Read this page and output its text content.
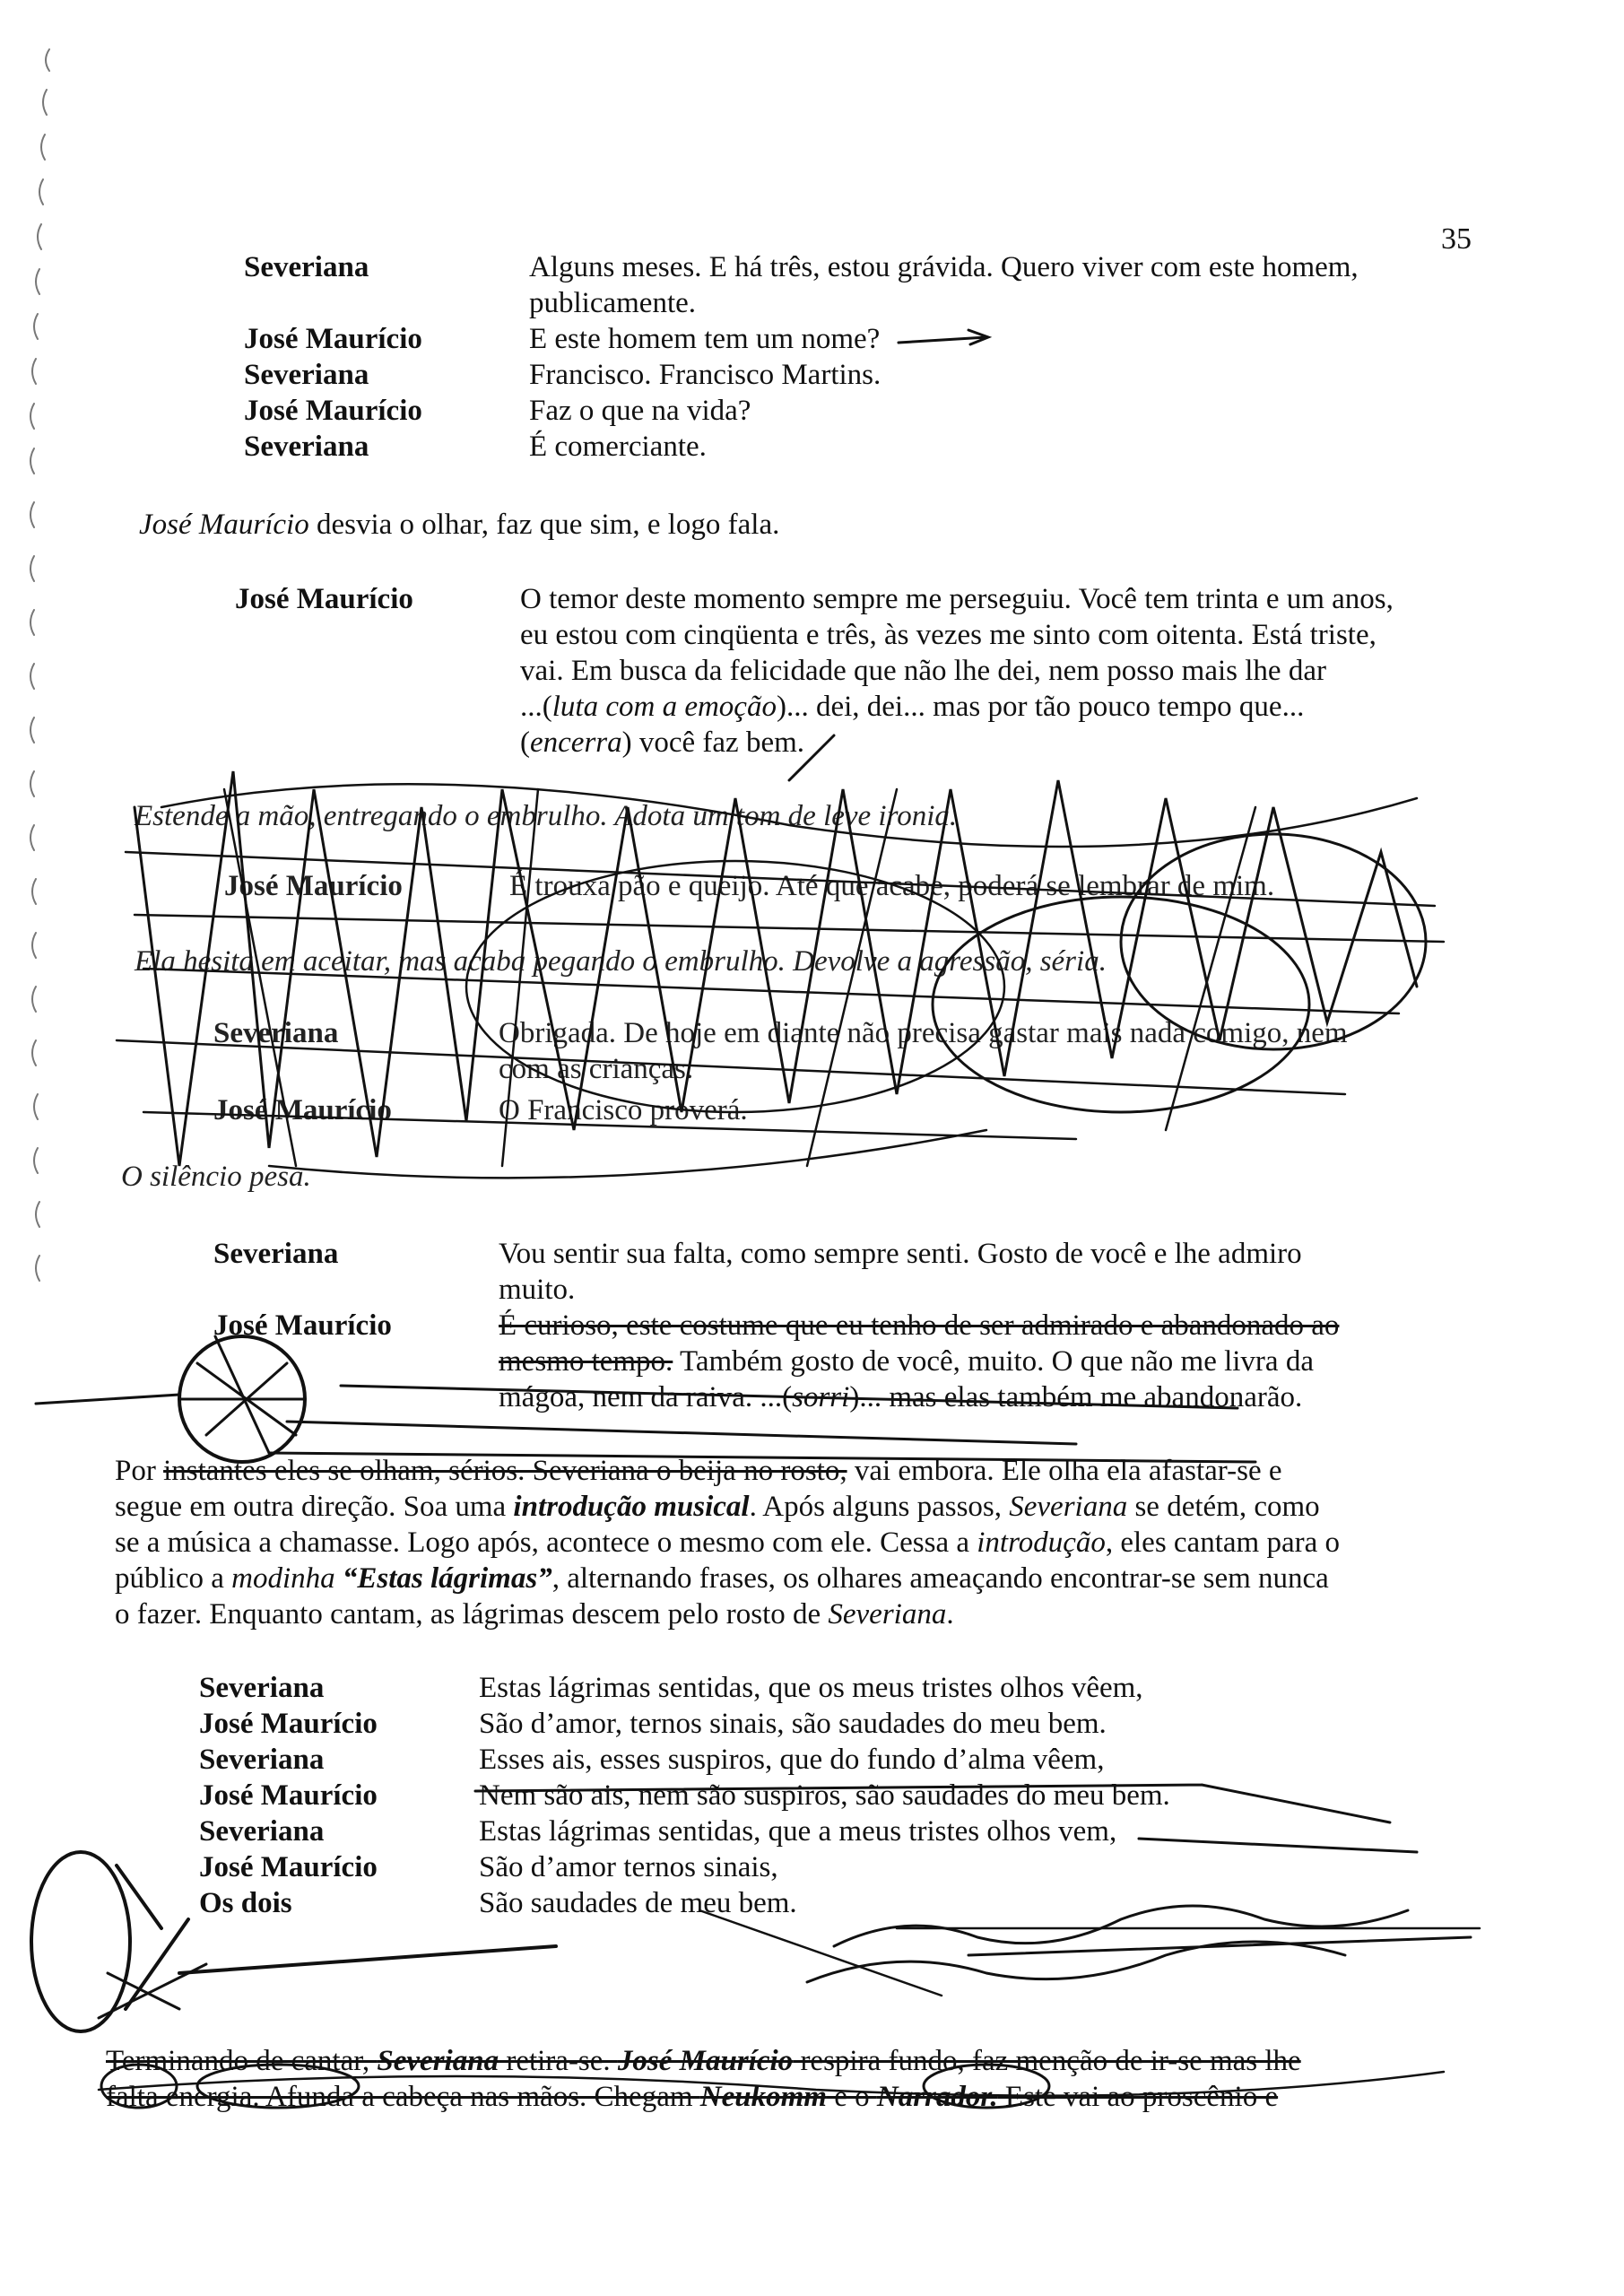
35
Severiana	Alguns meses. E há três, estou grávida. Quero viver com este homem,
publicamente.
José Maurício	E este homem tem um nome?
Severiana	Francisco. Francisco Martins.
José Maurício	Faz o que na vida?
Severiana	É comerciante.
José Maurício desvia o olhar, faz que sim, e logo fala.
José Maurício	O temor deste momento sempre me perseguiu. Você tem trinta e um anos,
eu estou com cinqüenta e três, às vezes me sinto com oitenta. Está triste,
vai. Em busca da felicidade que não lhe dei, nem posso mais lhe dar
...(luta com a emoção)... dei, dei... mas por tão pouco tempo que...
(encerra) você faz bem.
Estende a mão, entregando o embrulho. Adota um tom de leve ironia.
José Maurício	É trouxa pão e queijo. Até que acabe, poderá se lembrar de mim.
Ela hesita em aceitar, mas acaba pegando o embrulho. Devolve a agressão, séria.
Severiana	Obrigada. De hoje em diante não precisa gastar mais nada comigo, nem
com as crianças.
José Maurício	O Francisco proverá.
O silêncio pesa.
Severiana	Vou sentir sua falta, como sempre senti. Gosto de você e lhe admiro
muito.
José Maurício	É curioso, este costume que eu tenho de ser admirado e abandonado ao
mesmo tempo. Também gosto de você, muito. O que não me livra da
mágoa, nem da raiva. ...(sorri)... mas elas também me abandonarão.
Por instantes eles se olham, sérios. Severiana o beija no rosto, vai embora. Ele olha ela afastar-se e
segue em outra direção. Soa uma introdução musical. Após alguns passos, Severiana se detém, como
se a música a chamasse. Logo após, acontece o mesmo com ele. Cessa a introdução, eles cantam para o
público a modinha “Estas lágrimas”, alternando frases, os olhares ameaçando encontrar-se sem nunca
o fazer. Enquanto cantam, as lágrimas descem pelo rosto de Severiana.
Severiana	Estas lágrimas sentidas, que os meus tristes olhos vêem,
José Maurício	São d’amor, ternos sinais, são saudades do meu bem.
Severiana	Esses ais, esses suspiros, que do fundo d’alma vêem,
José Maurício	Nem são ais, nem são suspiros, são saudades do meu bem.
Severiana	Estas lágrimas sentidas, que a meus tristes olhos vem,
José Maurício	São d’amor ternos sinais,
Os dois	São saudades de meu bem.
Terminando de cantar, Severiana retira-se. José Maurício respira fundo, faz menção de ir-se mas lhe
falta energia. Afunda a cabeça nas mãos. Chegam Neukomm e o Narrador. Este vai ao proscênio e
